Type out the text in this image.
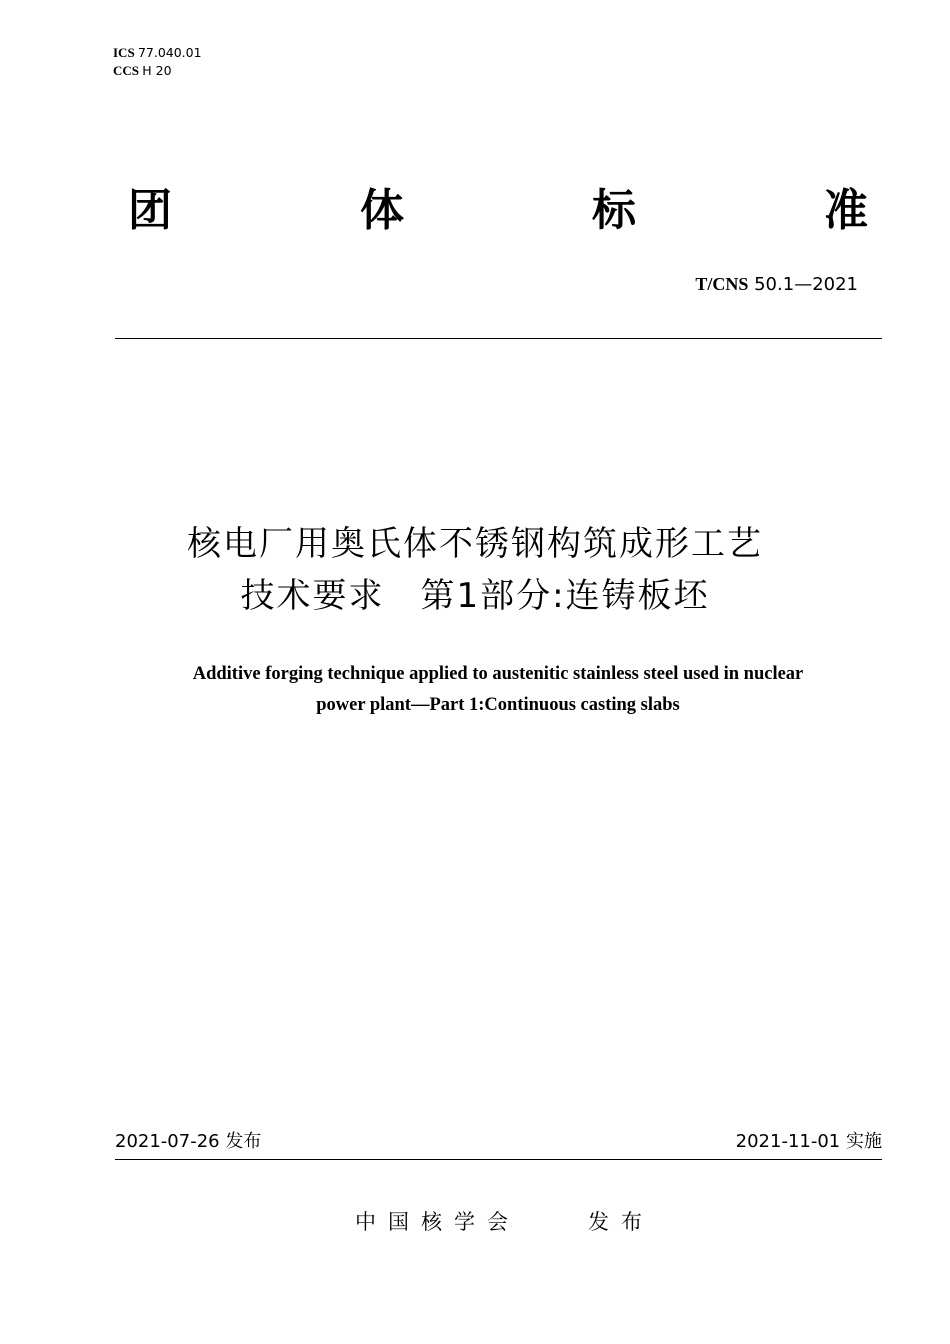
ICS 77.040.01
CCS H 20
团	体	标	准
T/CNS 50.1—2021
核电厂用奥氏体不锈钢构筑成形工艺
技术要求　第1部分:连铸板坯
Additive forging technique applied to austenitic stainless steel used in nuclear
power plant—Part 1:Continuous casting slabs
2021-07-26 发布	2021-11-01 实施
中国核学会	发布
